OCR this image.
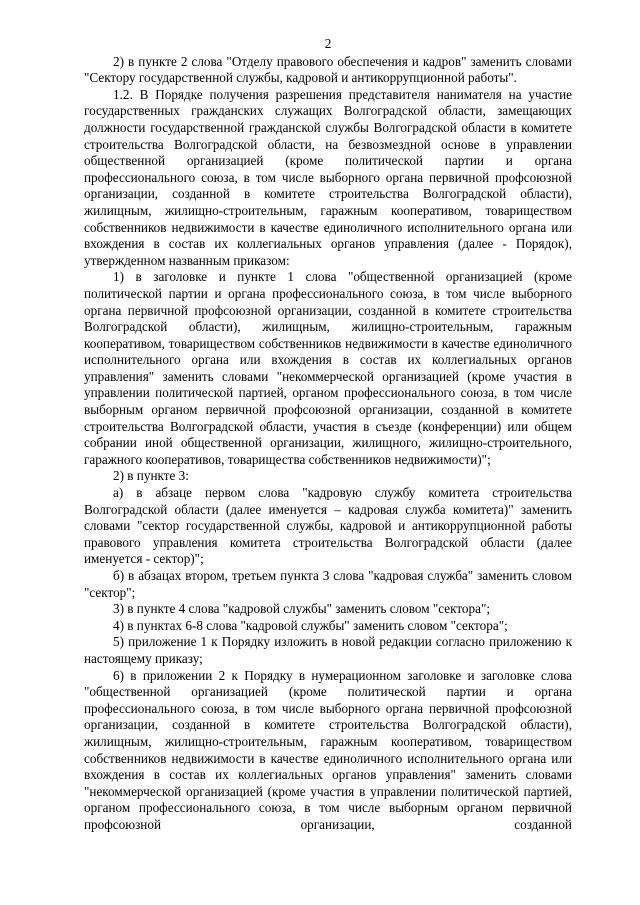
2

2) в пункте 2 слова "Отделу правового обеспечения и кадров" заменить словами "Сектору государственной службы, кадровой и антикоррупционной работы".

1.2. В Порядке получения разрешения представителя нанимателя на участие государственных гражданских служащих Волгоградской области, замещающих должности государственной гражданской службы Волгоградской области в комитете строительства Волгоградской области, на безвозмездной основе в управлении общественной организацией (кроме политической партии и органа профессионального союза, в том числе выборного органа первичной профсоюзной организации, созданной в комитете строительства Волгоградской области), жилищным, жилищно-строительным, гаражным кооперативом, товариществом собственников недвижимости в качестве единоличного исполнительного органа или вхождения в состав их коллегиальных органов управления (далее - Порядок), утвержденном названным приказом:

1) в заголовке и пункте 1 слова "общественной организацией (кроме политической партии и органа профессионального союза, в том числе выборного органа первичной профсоюзной организации, созданной в комитете строительства Волгоградской области), жилищным, жилищно-строительным, гаражным кооперативом, товариществом собственников недвижимости в качестве единоличного исполнительного органа или вхождения в состав их коллегиальных органов управления" заменить словами "некоммерческой организацией (кроме участия в управлении политической партией, органом профессионального союза, в том числе выборным органом первичной профсоюзной организации, созданной в комитете строительства Волгоградской области, участия в съезде (конференции) или общем собрании иной общественной организации, жилищного, жилищно-строительного, гаражного кооперативов, товарищества собственников недвижимости)";

2) в пункте 3:

а) в абзаце первом слова "кадровую службу комитета строительства Волгоградской области (далее именуется – кадровая служба комитета)" заменить словами "сектор государственной службы, кадровой и антикоррупционной работы правового управления комитета строительства Волгоградской области (далее именуется - сектор)";

б) в абзацах втором, третьем пункта 3 слова "кадровая служба" заменить словом "сектор";

3) в пункте 4 слова "кадровой службы" заменить словом "сектора";

4) в пунктах 6-8 слова "кадровой службы" заменить словом "сектора";

5) приложение 1 к Порядку изложить в новой редакции согласно приложению к настоящему приказу;

6) в приложении 2 к Порядку в нумерационном заголовке и заголовке слова "общественной организацией (кроме политической партии и органа профессионального союза, в том числе выборного органа первичной профсоюзной организации, созданной в комитете строительства Волгоградской области), жилищным, жилищно-строительным, гаражным кооперативом, товариществом собственников недвижимости в качестве единоличного исполнительного органа или вхождения в состав их коллегиальных органов управления" заменить словами "некоммерческой организацией (кроме участия в управлении политической партией, органом профессионального союза, в том числе выборным органом первичной профсоюзной организации, созданной
